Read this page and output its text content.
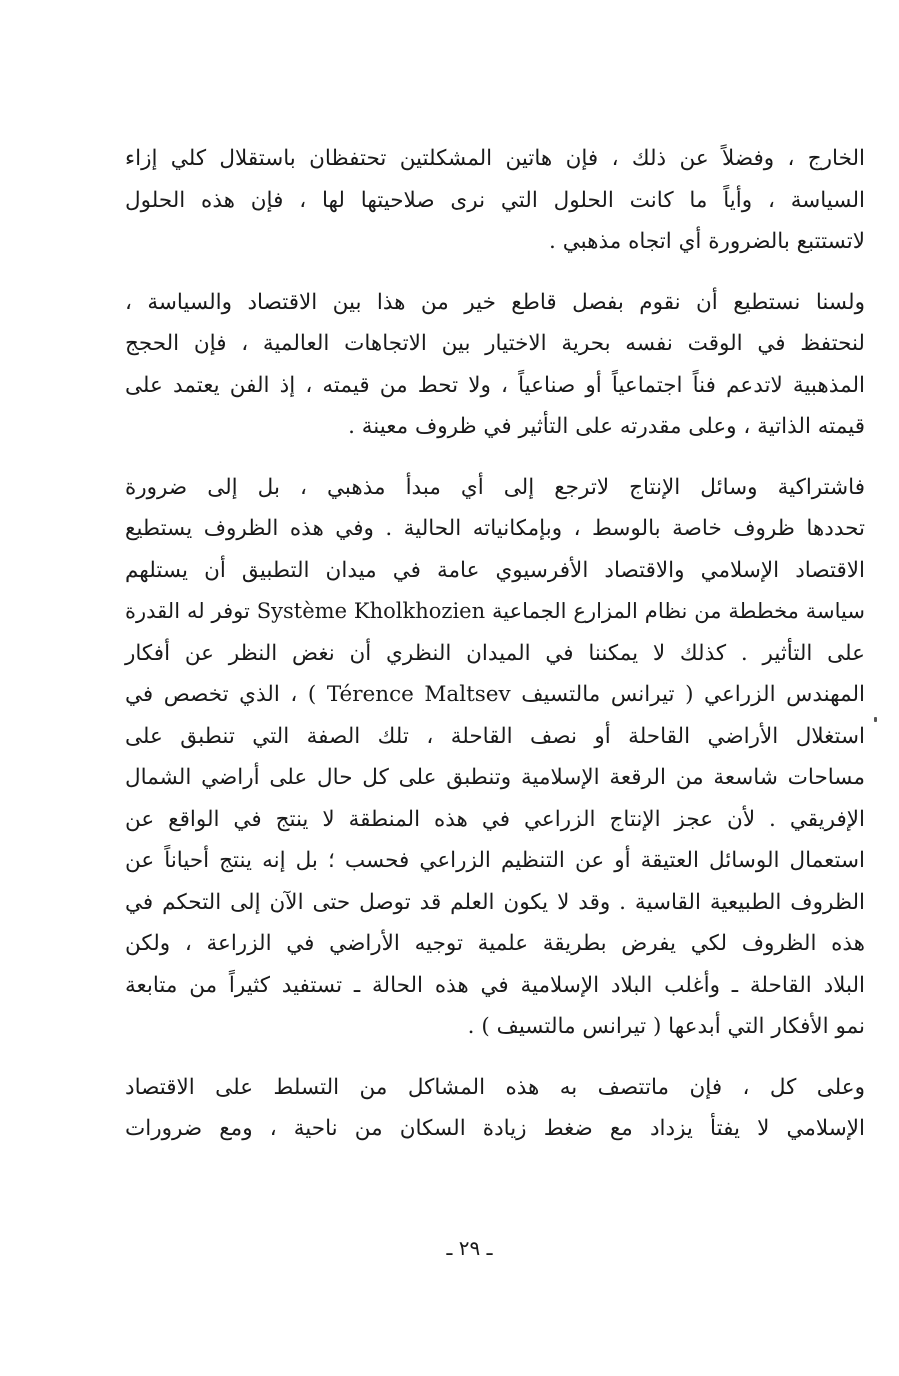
الخارج ، وفضلاً عن ذلك ، فإن هاتين المشكلتين تحتفظان باستقلال كلي إزاء
السياسة ، وأياً ما كانت الحلول التي نرى صلاحيتها لها ، فإن هذه الحلول
لاتستتبع بالضرورة أي اتجاه مذهبي .
ولسنا نستطيع أن نقوم بفصل قاطع خير من هذا بين الاقتصاد والسياسة ،
لنحتفظ في الوقت نفسه بحرية الاختيار بين الاتجاهات العالمية ، فإن الحجج
المذهبية لاتدعم فناً اجتماعياً أو صناعياً ، ولا تحط من قيمته ، إذ الفن يعتمد على
قيمته الذاتية ، وعلى مقدرته على التأثير في ظروف معينة .
فاشتراكية وسائل الإنتاج لاترجع إلى أي مبدأ مذهبي ، بل إلى ضرورة
تحددها ظروف خاصة بالوسط ، وبإمكانياته الحالية . وفي هذه الظروف يستطيع
الاقتصاد الإسلامي والاقتصاد الأفرسيوي عامة في ميدان التطبيق أن يستلهم
سياسة مخططة من نظام المزارع الجماعية Système Kholkhozien توفر له القدرة
على التأثير . كذلك لا يمكننا في الميدان النظري أن نغض النظر عن أفكار
المهندس الزراعي ( تيرانس مالتسيف Térence Maltsev ) ، الذي تخصص في
استغلال الأراضي القاحلة أو نصف القاحلة ، تلك الصفة التي تنطبق على
مساحات شاسعة من الرقعة الإسلامية وتنطبق على كل حال على أراضي الشمال
الإفريقي . لأن عجز الإنتاج الزراعي في هذه المنطقة لا ينتج في الواقع عن
استعمال الوسائل العتيقة أو عن التنظيم الزراعي فحسب ؛ بل إنه ينتج أحياناً عن
الظروف الطبيعية القاسية . وقد لا يكون العلم قد توصل حتى الآن إلى التحكم في
هذه الظروف لكي يفرض بطريقة علمية توجيه الأراضي في الزراعة ، ولكن
البلاد القاحلة ـ وأغلب البلاد الإسلامية في هذه الحالة ـ تستفيد كثيراً من متابعة
نمو الأفكار التي أبدعها ( تيرانس مالتسيف ) .
وعلى كل ، فإن ماتتصف به هذه المشاكل من التسلط على الاقتصاد
الإسلامي لا يفتأ يزداد مع ضغط زيادة السكان من ناحية ، ومع ضرورات
ـ ٢٩ ـ
